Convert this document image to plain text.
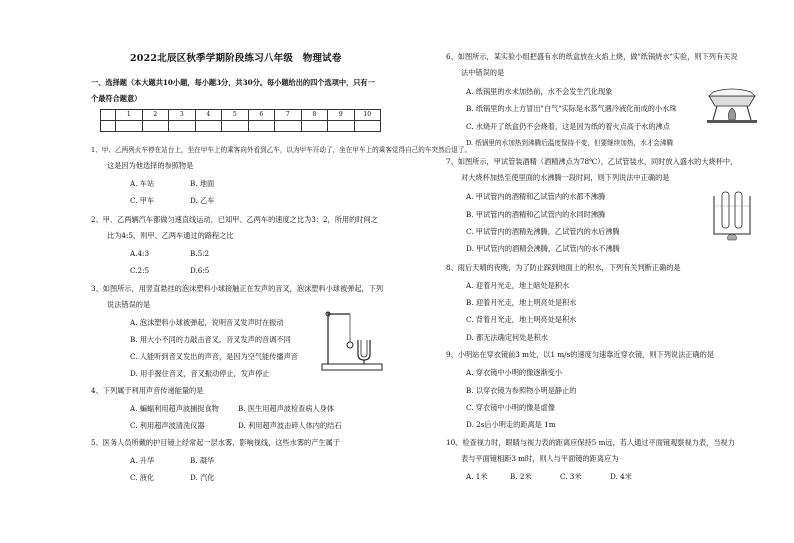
2022北辰区秋季学期阶段练习八年级　物理试卷
一、选择题（本大题共10小题，每小题3分，共30分。每小题给出的四个选项中，只有一
个最符合题意）
	1	2	3	4	5	6	7	8	9	10

1、甲、乙两列火车停在站台上，坐在甲车上的乘客向外看到乙车，以为甲车开动了，坐在甲车上的乘客觉得自己的车突然后退了。
这是因为他选择的参照物是
A. 车站	B. 地面
C. 甲车	D. 乙车
2、甲、乙两辆汽车都做匀速直线运动，已知甲、乙两车的速度之比为3：2，所用的时间之
比为4:5，则甲、乙两车通过的路程之比
A.4:3	B.5:2
C.2:5	D.6:5
3、如图所示，用竖直悬挂的泡沫塑料小球接触正在发声的音叉，泡沫塑料小球被弹起，下列
说法错误的是
A. 泡沫塑料小球被弹起，说明音叉发声时在振动
B. 用大小不同的力敲击音叉，音叉发声的音调不同
C. 人能听到音叉发出的声音，是因为空气能传播声音
D. 用手握住音叉，音叉振动停止，发声停止
4、下列属于利用声音传递能量的是
A. 蝙蝠利用超声波捕捉食物	B. 医生用超声波检查病人身体
C. 利用超声波清洗仪器	D. 利用超声波击碎人体内的结石
5、医务人员所戴的护目镜上经常起一层水雾，影响视线，这些水雾的产生属于
A. 升华	B. 凝华
C. 液化	D. 汽化
6、如图所示，某实验小组把盛有水的纸盒放在火焰上烧，做"纸锅烧水"实验，则下列有关说
法中错误的是
A. 纸锅里的水未加热前，水不会发生汽化现象
B. 纸锅里的水上方冒出"白气"实际是水蒸气遇冷液化而成的小水珠
C. 水烧开了纸盒仍不会烧着，这是因为纸的着火点高于水的沸点
D. 纸锅里的水加热到沸腾后温度保持不变，但要继续加热，水才会沸腾
7、如图所示，甲试管装酒精（酒精沸点为78℃），乙试管装水，同时放入盛水的大烧杯中，
对大烧杯加热至使里面的水沸腾一段时间，则下列说法中正确的是
A. 甲试管内的酒精和乙试管内的水都不沸腾
B. 甲试管内的酒精和乙试管内的水同时沸腾
C. 甲试管内的酒精先沸腾，乙试管内的水后沸腾
D. 甲试管内的酒精会沸腾，乙试管内的水不沸腾
8、雨后天晴的夜晚，为了防止踩到地面上的积水，下列有关判断正确的是
A. 迎着月光走，地上暗处是积水
B. 迎着月光走，地上明亮处是积水
C. 背着月光走，地上明亮处是积水
D. 都无法确定何处是积水
9、小明站在穿衣镜前3 m处，以1 m/s的速度匀速靠近穿衣镜，则下列说法正确的是
A. 穿衣镜中小明的像逐渐变小
B. 以穿衣镜为参照物小明是静止的
C. 穿衣镜中小明的像是虚像
D. 2s后小明走的距离是 1m
10、检查视力时，眼睛与视力表的距离应保持5 m远，若人通过平面镜观察视力表，当视力
表与平面镜相距3 m时，则人与平面镜的距离应为
A. 1米	B. 2米	C. 3米	D. 4米
